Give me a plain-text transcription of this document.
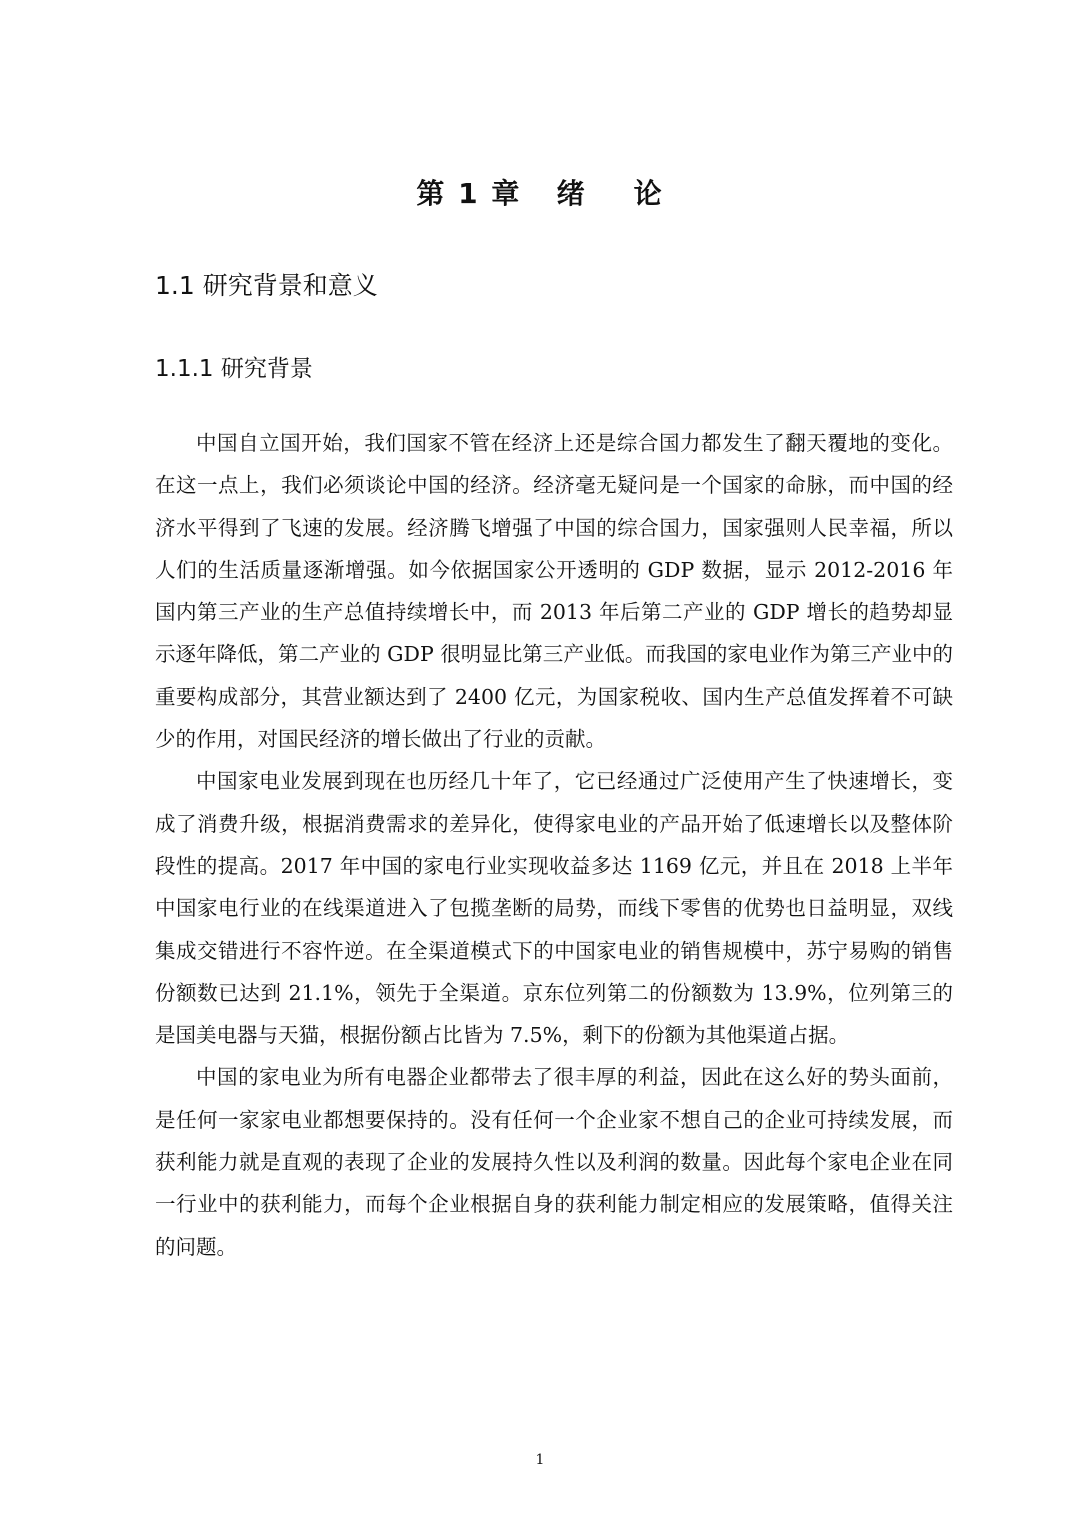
第 1 章   绪    论
1.1 研究背景和意义
1.1.1 研究背景

中国自立国开始，我们国家不管在经济上还是综合国力都发生了翻天覆地的变化。在这一点上，我们必须谈论中国的经济。经济毫无疑问是一个国家的命脉，而中国的经济水平得到了飞速的发展。经济腾飞增强了中国的综合国力，国家强则人民幸福，所以人们的生活质量逐渐增强。如今依据国家公开透明的 GDP 数据，显示 2012-2016 年国内第三产业的生产总值持续增长中，而 2013 年后第二产业的 GDP 增长的趋势却显示逐年降低，第二产业的 GDP 很明显比第三产业低。而我国的家电业作为第三产业中的重要构成部分，其营业额达到了 2400 亿元，为国家税收、国内生产总值发挥着不可缺少的作用，对国民经济的增长做出了行业的贡献。

中国家电业发展到现在也历经几十年了，它已经通过广泛使用产生了快速增长，变成了消费升级，根据消费需求的差异化，使得家电业的产品开始了低速增长以及整体阶段性的提高。2017 年中国的家电行业实现收益多达 1169 亿元，并且在 2018 上半年中国家电行业的在线渠道进入了包揽垄断的局势，而线下零售的优势也日益明显，双线集成交错进行不容忤逆。在全渠道模式下的中国家电业的销售规模中，苏宁易购的销售份额数已达到 21.1%，领先于全渠道。京东位列第二的份额数为 13.9%，位列第三的是国美电器与天猫，根据份额占比皆为 7.5%，剩下的份额为其他渠道占据。

中国的家电业为所有电器企业都带去了很丰厚的利益，因此在这么好的势头面前，是任何一家家电业都想要保持的。没有任何一个企业家不想自己的企业可持续发展，而获利能力就是直观的表现了企业的发展持久性以及利润的数量。因此每个家电企业在同一行业中的获利能力，而每个企业根据自身的获利能力制定相应的发展策略，值得关注的问题。

1
